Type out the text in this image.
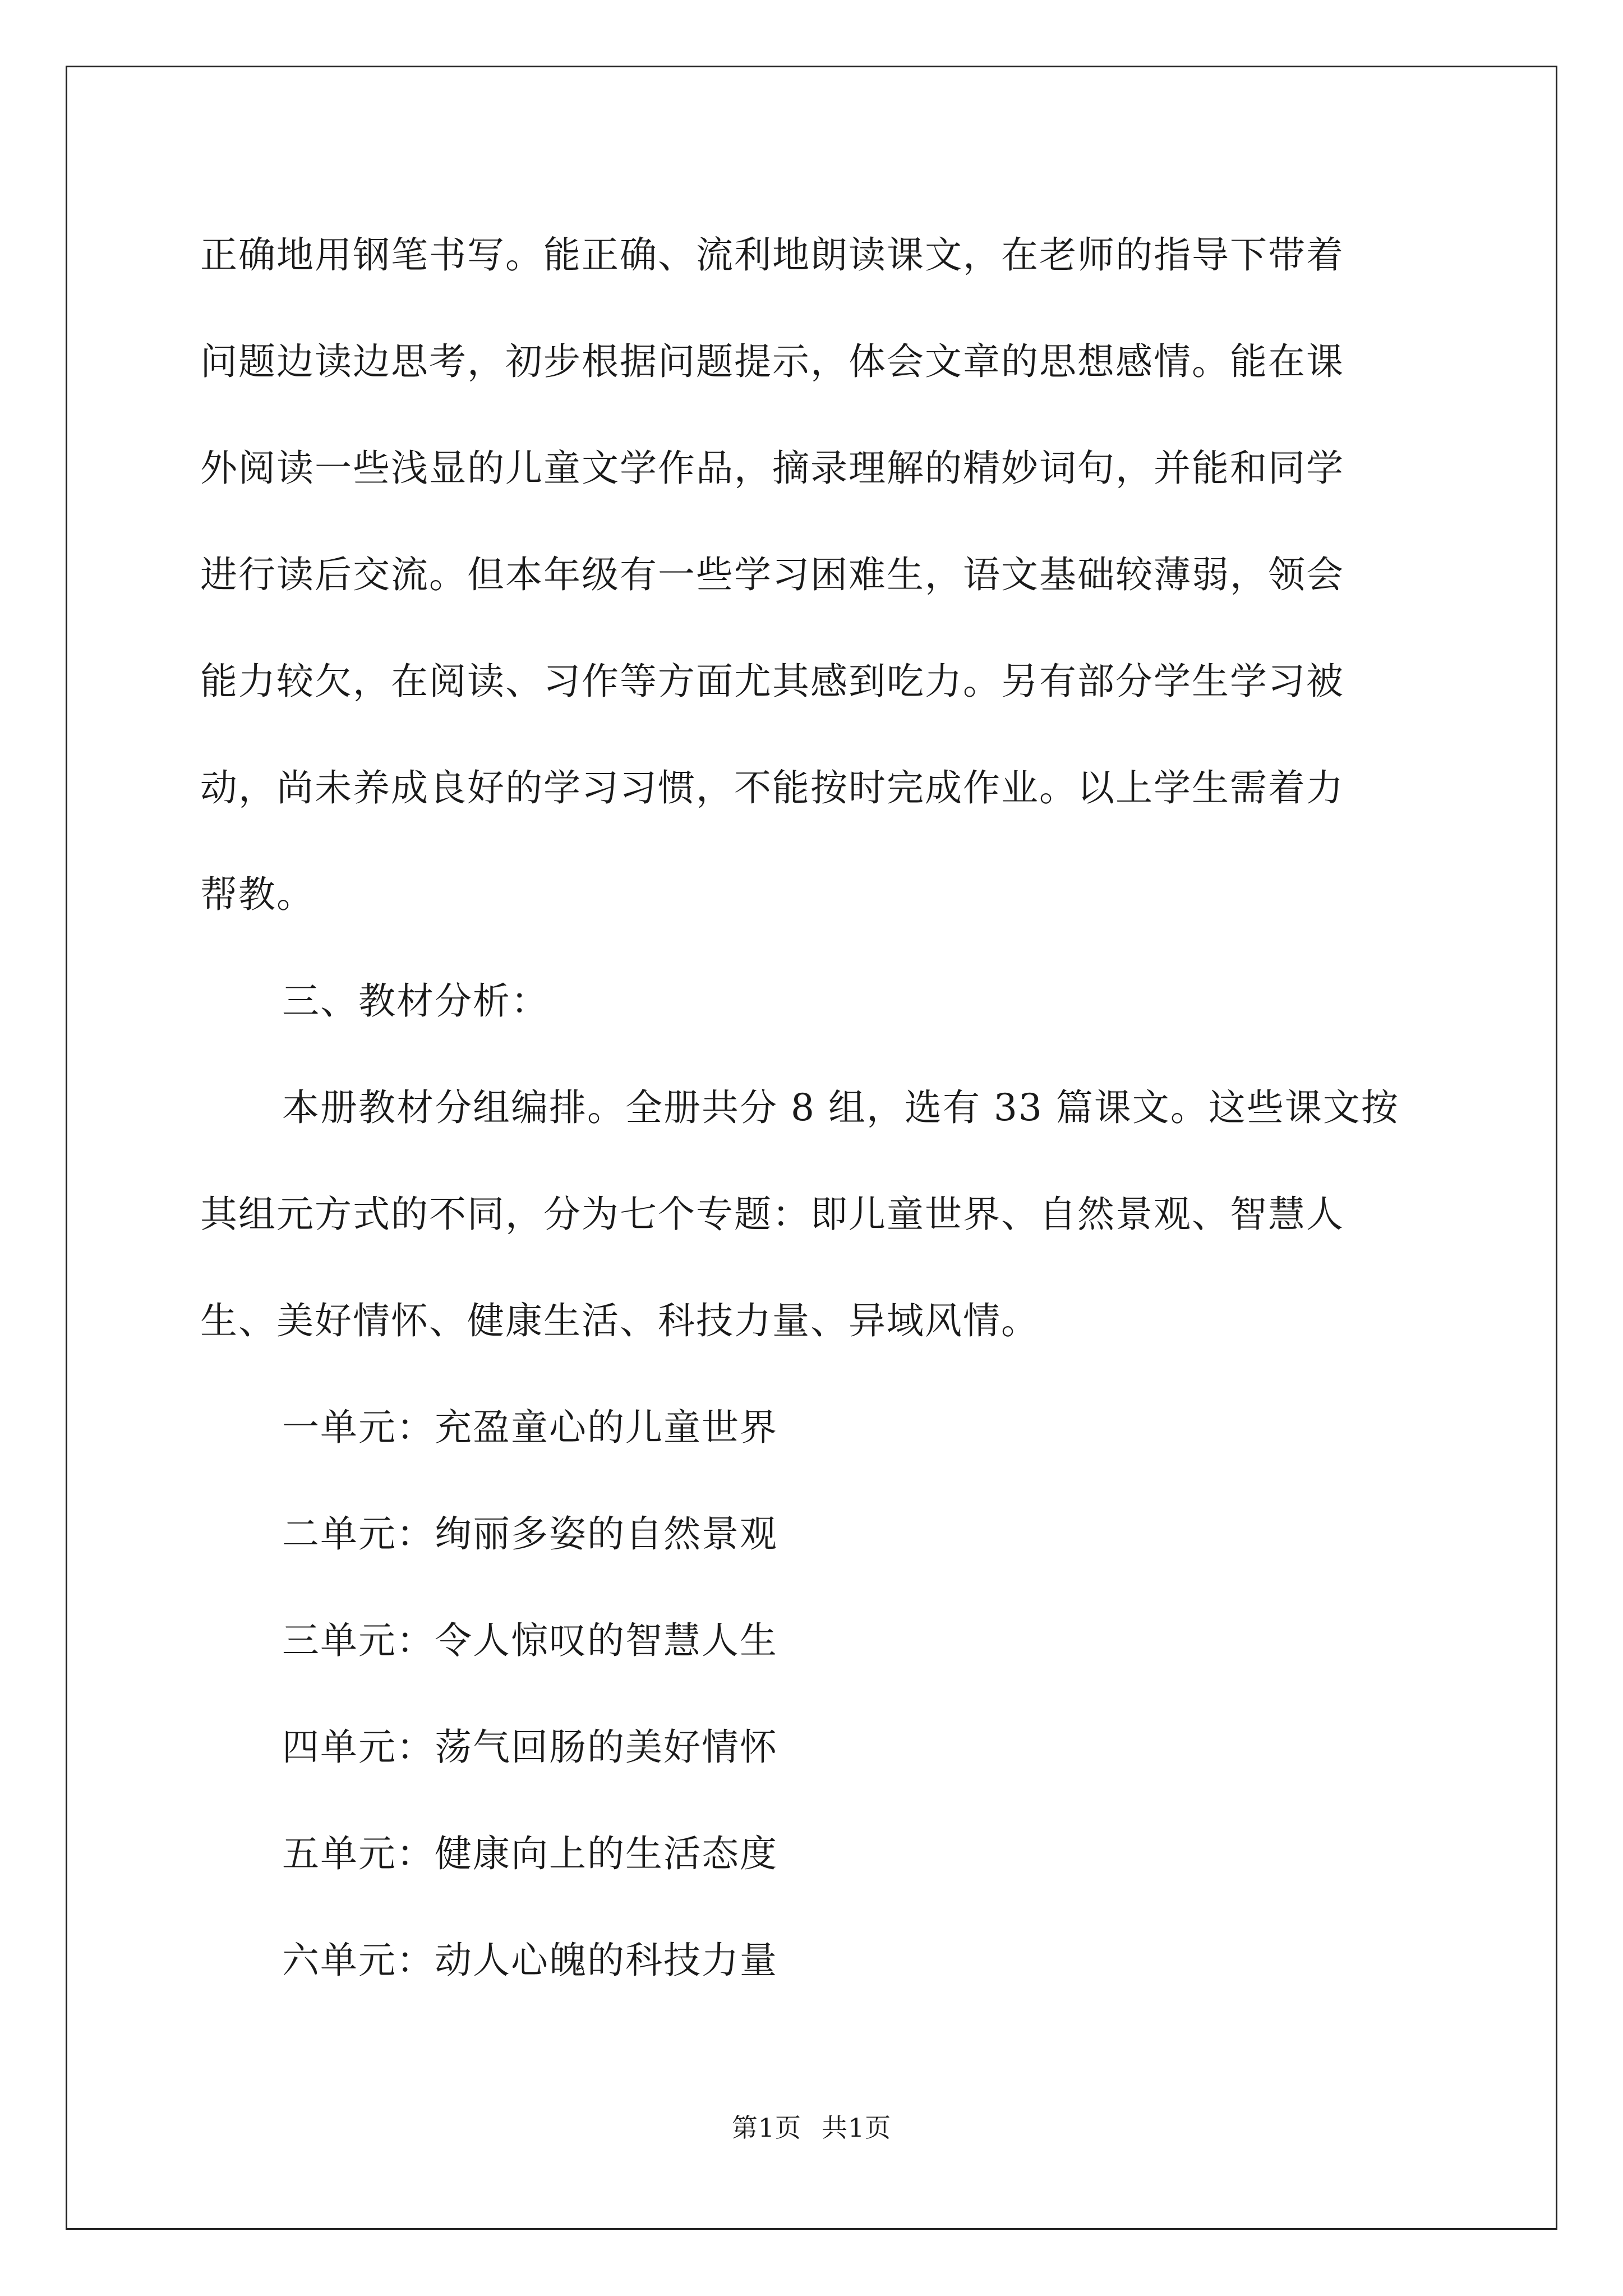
正确地用钢笔书写。能正确、流利地朗读课文，在老师的指导下带着
问题边读边思考，初步根据问题提示，体会文章的思想感情。能在课
外阅读一些浅显的儿童文学作品，摘录理解的精妙词句，并能和同学
进行读后交流。但本年级有一些学习困难生，语文基础较薄弱，领会
能力较欠，在阅读、习作等方面尤其感到吃力。另有部分学生学习被
动，尚未养成良好的学习习惯，不能按时完成作业。以上学生需着力
帮教。

三、教材分析：

本册教材分组编排。全册共分 8 组，选有 33 篇课文。这些课文按
其组元方式的不同，分为七个专题：即儿童世界、自然景观、智慧人
生、美好情怀、健康生活、科技力量、异域风情。

一单元：充盈童心的儿童世界

二单元：绚丽多姿的自然景观

三单元：令人惊叹的智慧人生

四单元：荡气回肠的美好情怀

五单元：健康向上的生活态度

六单元：动人心魄的科技力量

第1页 共1页
